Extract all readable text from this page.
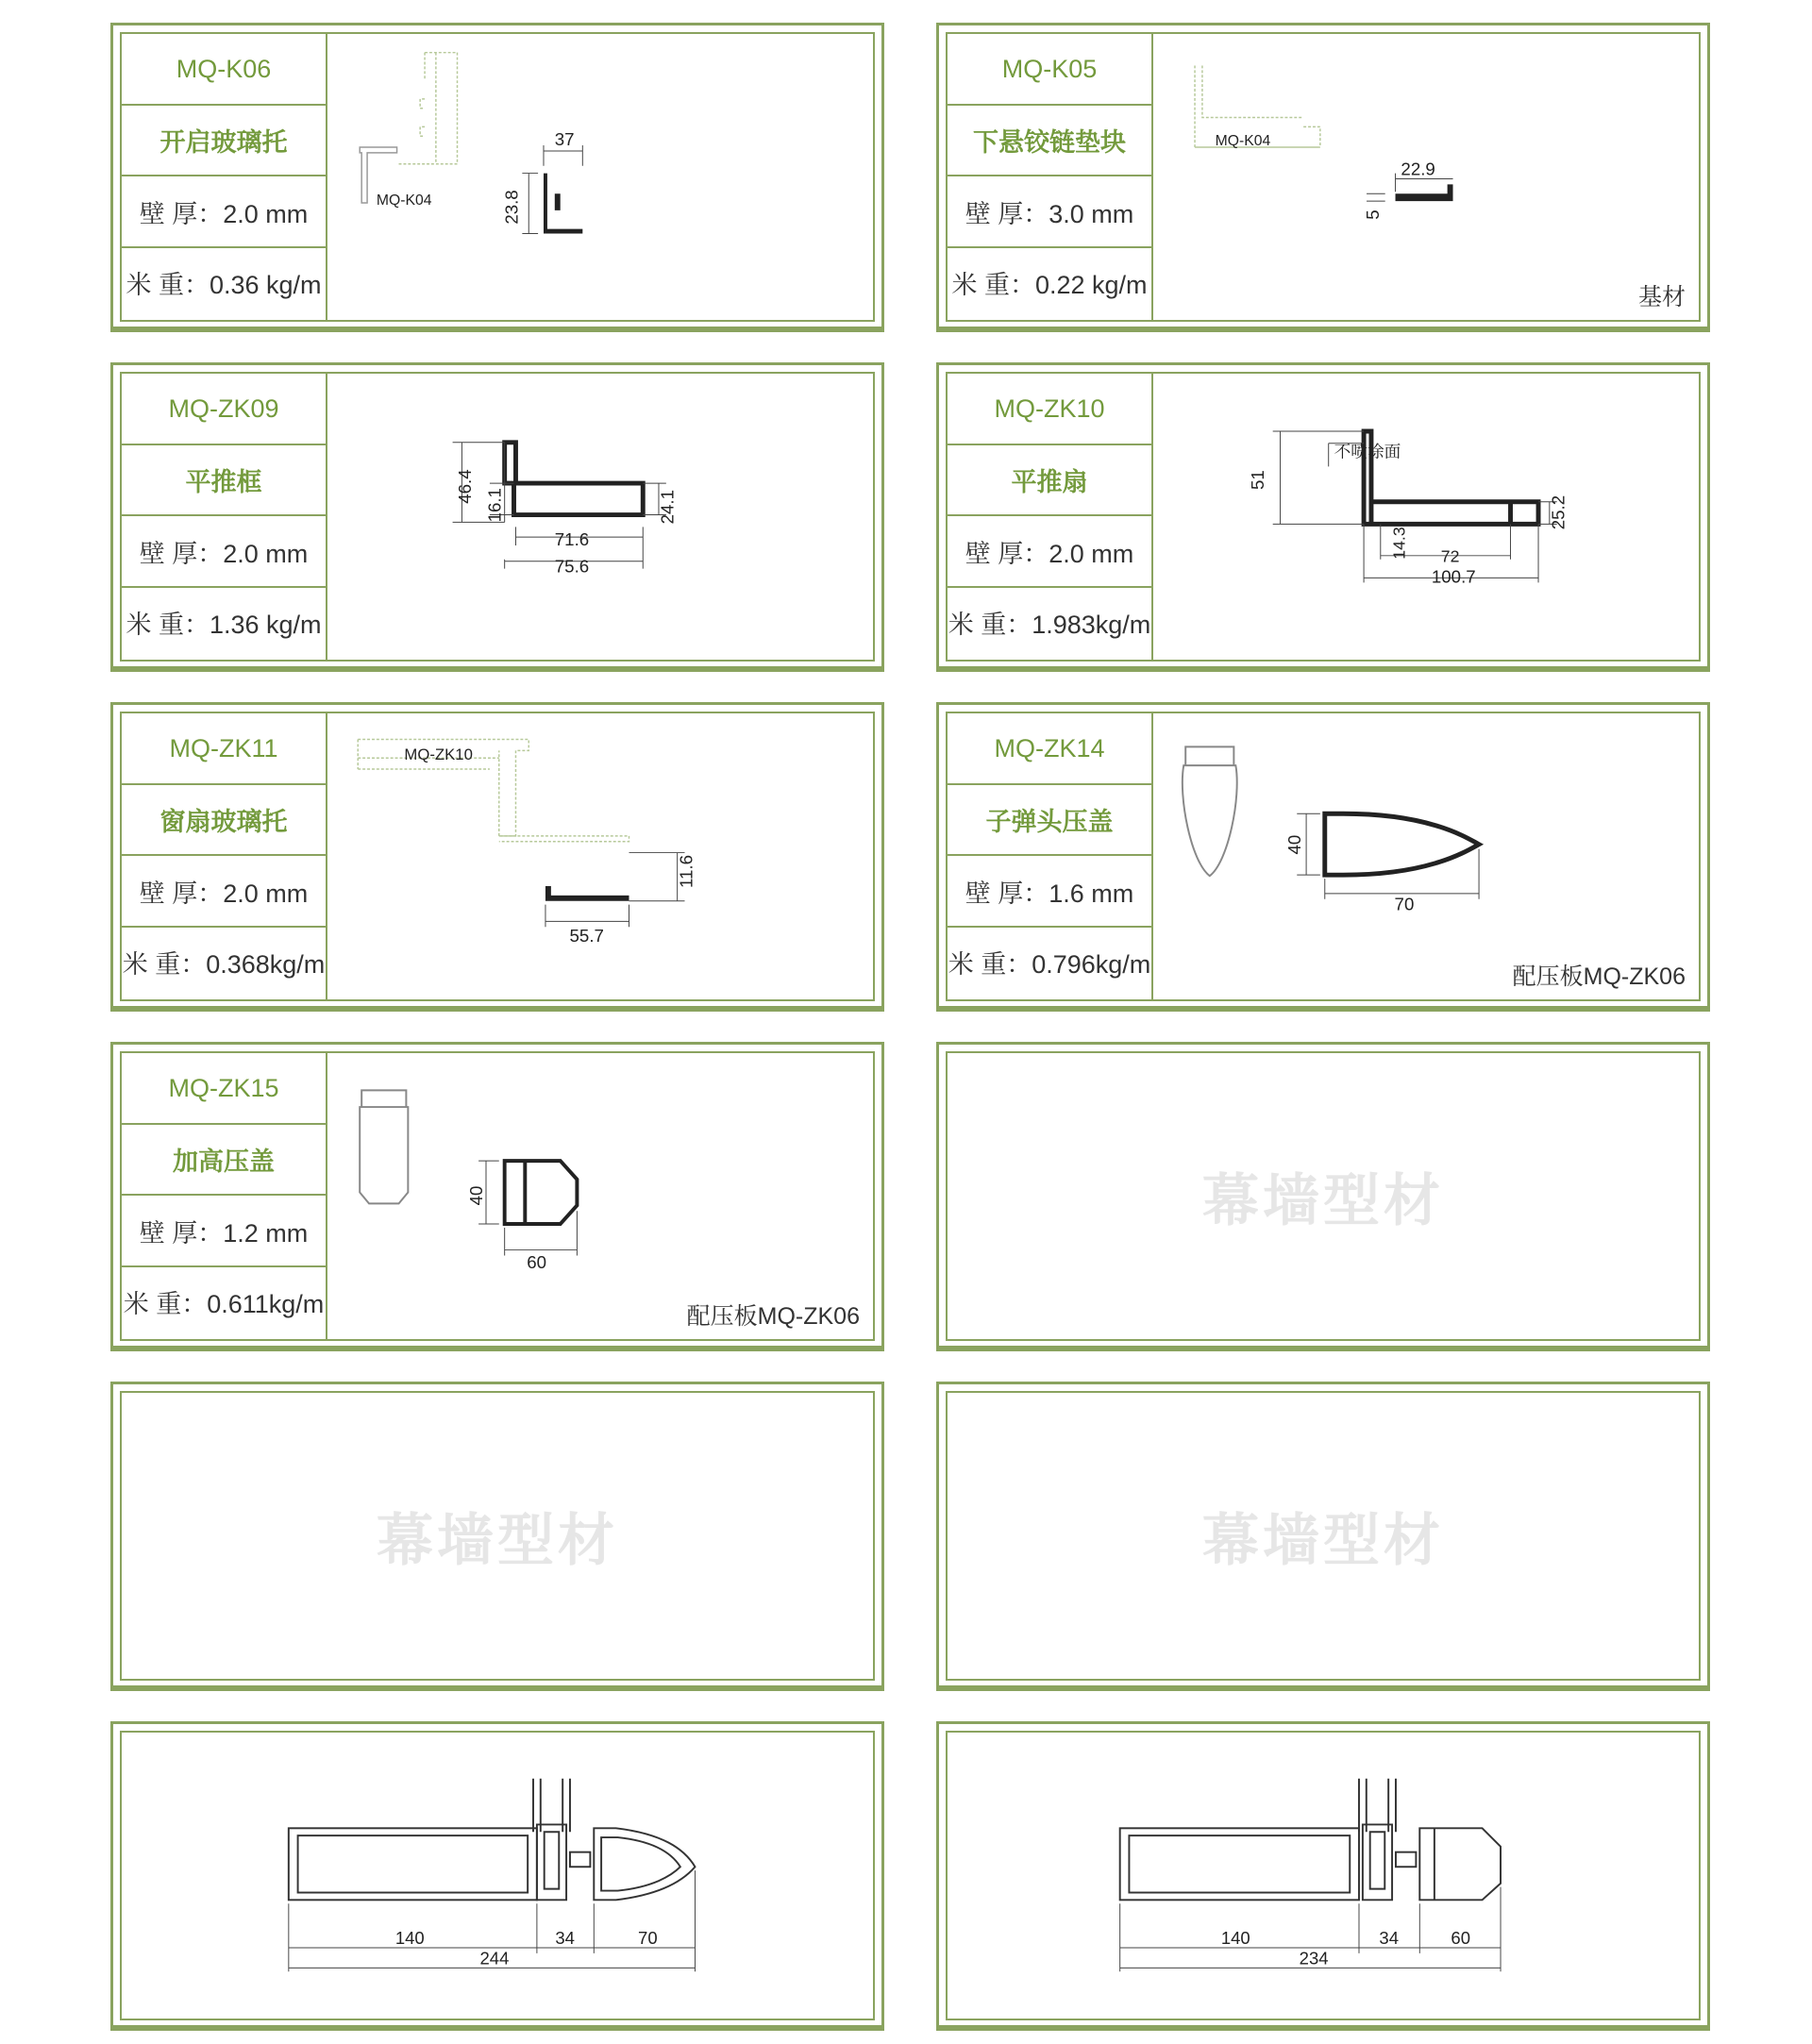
MQ-K06
开启玻璃托
壁 厚：2.0 mm
米 重：0.36 kg/m
MQ-K04
37
23.8
MQ-K05
下悬铰链垫块
壁 厚：3.0 mm
米 重：0.22 kg/m
MQ-K04
22.9
5
基材
MQ-ZK09
平推框
壁 厚：2.0 mm
米 重：1.36 kg/m
71.6
75.6
46.4
16.1	24.1
MQ-ZK10
平推扇
壁 厚：2.0 mm
米 重：1.983kg/m
不喷涂面
51
25.2
14.3 72
100.7
MQ-ZK11
窗扇玻璃托
壁 厚：2.0 mm
米 重：0.368kg/m
MQ-ZK10
11.6
55.7
MQ-ZK14
子弹头压盖
壁 厚：1.6 mm
米 重：0.796kg/m
40
70
配压板MQ-ZK06
MQ-ZK15
加高压盖
壁 厚：1.2 mm
米 重：0.611kg/m
40
60
配压板MQ-ZK06
幕墙型材
幕墙型材	幕墙型材
140	34	70
244
140	34	60
234
